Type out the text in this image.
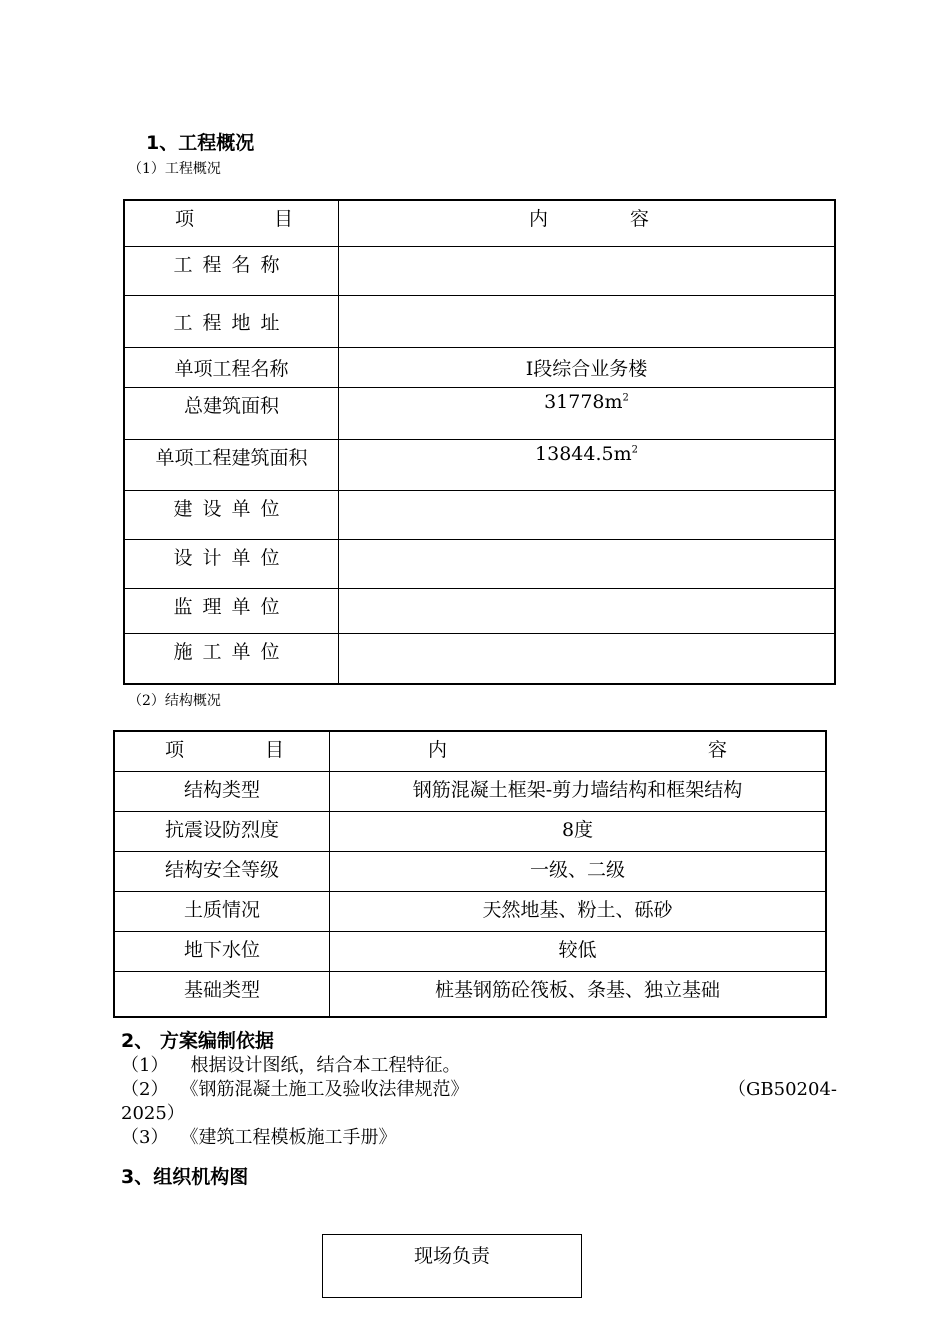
1、工程概况
（1）工程概况
项 目	内 容

工程名称	
工程地址	
单项工程名称	I段综合业务楼
总建筑面积	$31778m^2$
单项工程建筑面积	$13844.5m^2$
建设单位	
设计单位	
监理单位	
施工单位	
（2）结构概况
项 目	内 容

结构类型	钢筋混凝土框架-剪力墙结构和框架结构
抗震设防烈度	8度
结构安全等级	一级、二级
土质情况	天然地基、粉土、砾砂
地下水位	较低
基础类型	桩基钢筋砼筏板、条基、独立基础
2、 方案编制依据
（1） 根据设计图纸，结合本工程特征。
（2） 《钢筋混凝土施工及验收法律规范》	（GB50204-
2025）
（3） 《建筑工程模板施工手册》
3、组织机构图
现场负责
